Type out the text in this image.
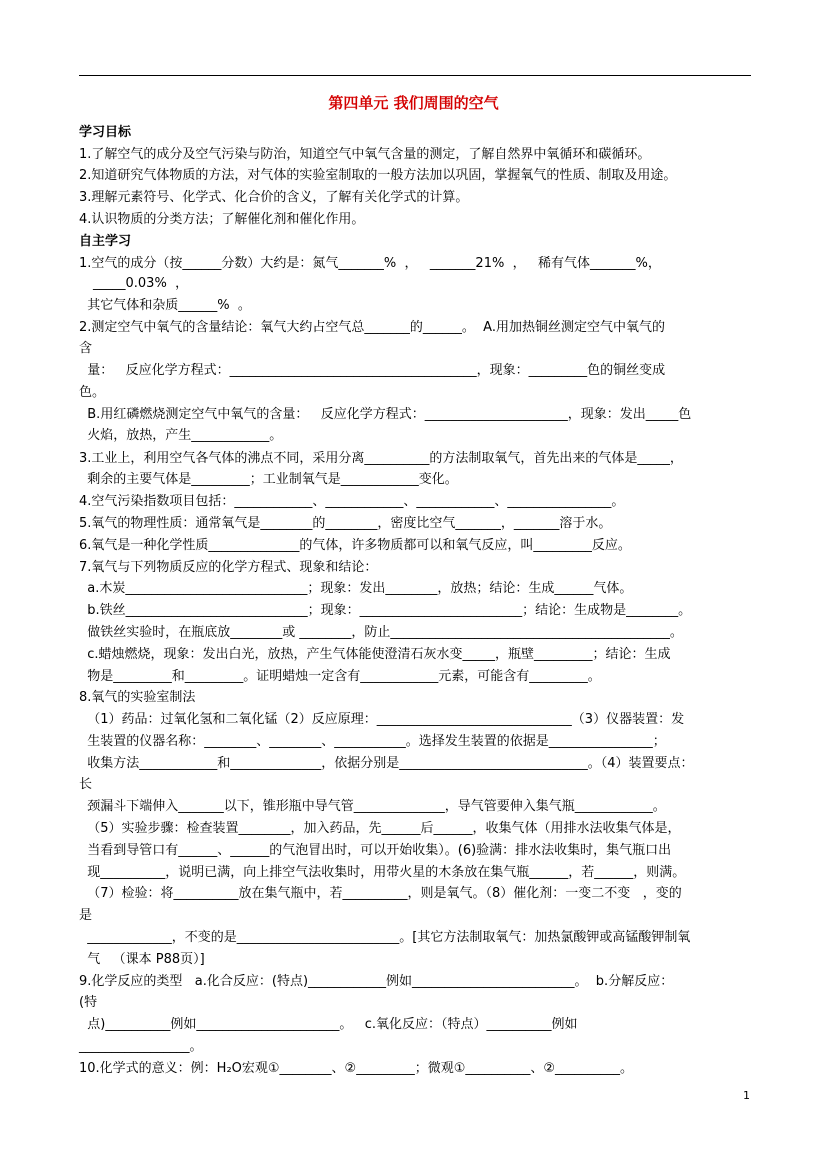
第四单元 我们周围的空气
学习目标
1.了解空气的成分及空气污染与防治，知道空气中氧气含量的测定，了解自然界中氧循环和碳循环。
2.知道研究气体物质的方法，对气体的实验室制取的一般方法加以巩固，掌握氧气的性质、制取及用途。
3.理解元素符号、化学式、化合价的含义，了解有关化学式的计算。
4.认识物质的分类方法；了解催化剂和催化作用。
自主学习
1.空气的成分（按______分数）大约是：氮气_______%  ，   _______21%  ，   稀有气体_______%，
_____0.03%  ，
其它气体和杂质______%  。
2.测定空气中氧气的含量结论：氧气大约占空气总_______的______。  A.用加热铜丝测定空气中氧气的
含
量：   反应化学方程式：______________________________________，现象：_________色的铜丝变成
色。
B.用红磷燃烧测定空气中氧气的含量：   反应化学方程式：______________________，现象：发出_____色
火焰，放热，产生____________。
3.工业上，利用空气各气体的沸点不同，采用分离__________的方法制取氧气，首先出来的气体是_____，
剩余的主要气体是_________；工业制氧气是____________变化。
4.空气污染指数项目包括：____________、____________、____________、________________。
5.氧气的物理性质：通常氧气是________的________，密度比空气_______，_______溶于水。
6.氧气是一种化学性质______________的气体，许多物质都可以和氧气反应，叫_________反应。
7.氧气与下列物质反应的化学方程式、现象和结论：
a.木炭____________________________；现象：发出________，放热；结论：生成______气体。
b.铁丝____________________________；现象：_________________________；结论：生成物是________。
做铁丝实验时，在瓶底放________或 ________，防止___________________________________________。
c.蜡烛燃烧，现象：发出白光，放热，产生气体能使澄清石灰水变_____，瓶壁_________；结论：生成
物是_________和_________。证明蜡烛一定含有____________元素，可能含有_________。
8.氧气的实验室制法
（1）药品：过氧化氢和二氧化锰（2）反应原理：______________________________（3）仪器装置：发
生装置的仪器名称：________、________、___________。选择发生装置的依据是________________；
收集方法____________和______________，依据分别是_____________________________。（4）装置要点：
长
颈漏斗下端伸入_______以下，锥形瓶中导气管______________，导气管要伸入集气瓶____________。
（5）实验步骤：检查装置________，加入药品，先______后______，收集气体（用排水法收集气体是，
当看到导管口有______、______的气泡冒出时，可以开始收集）。(6)验满：排水法收集时，集气瓶口出
现__________，说明已满，向上排空气法收集时，用带火星的木条放在集气瓶______，若______，则满。
（7）检验：将__________放在集气瓶中，若__________，则是氧气。（8）催化剂：一变二不变   ，变的
是
_____________，不变的是_________________________。[其它方法制取氧气：加热氯酸钾或高锰酸钾制氧
气   （课本 P88页）]
9.化学反应的类型   a.化合反应：(特点)____________例如_________________________。  b.分解反应：
(特
点)__________例如______________________。   c.氧化反应：（特点）__________例如
_________________。
10.化学式的意义：例：H₂O宏观①________、②_________；微观①__________、②__________。
1
